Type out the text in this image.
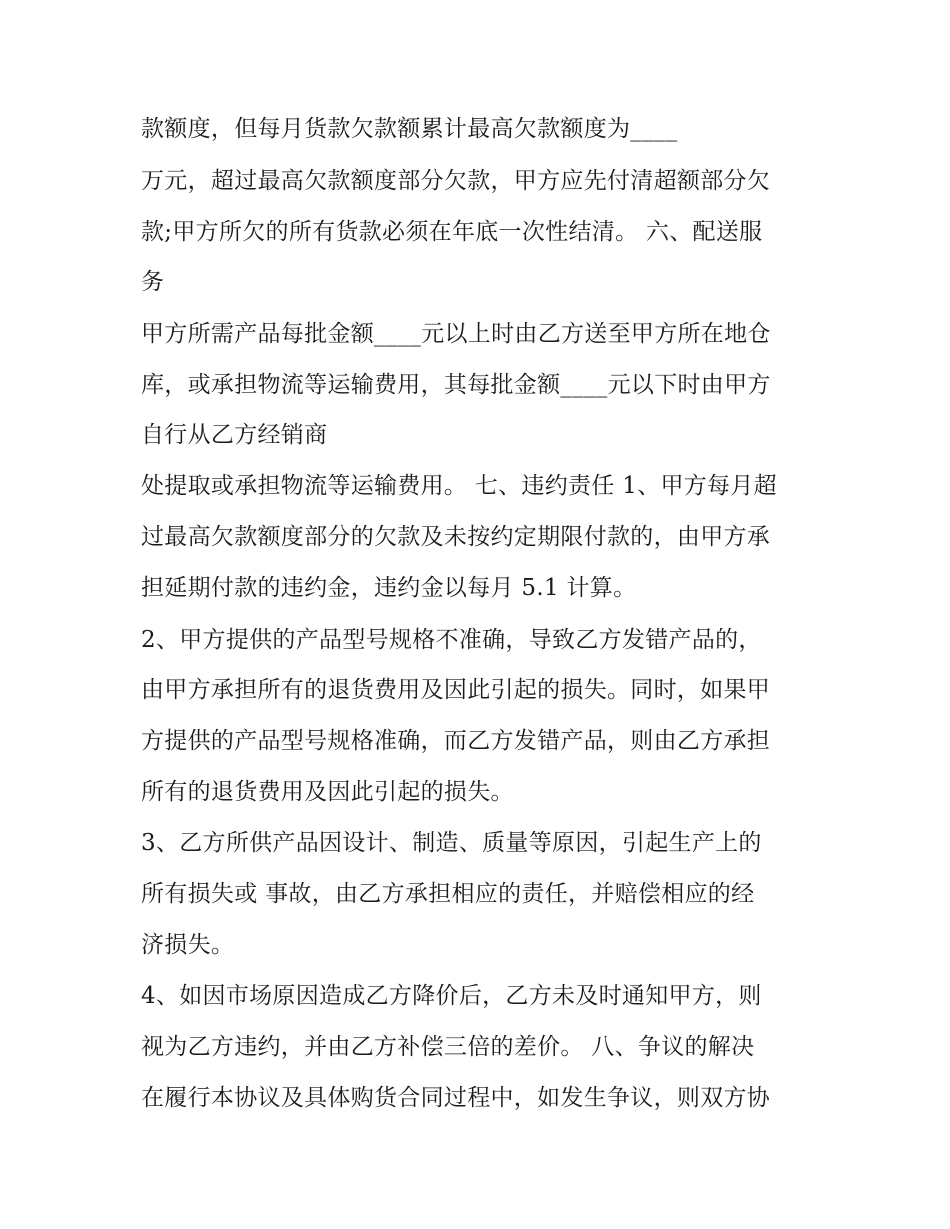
款额度，但每月货款欠款额累计最高欠款额度为____
万元，超过最高欠款额度部分欠款，甲方应先付清超额部分欠
款;甲方所欠的所有货款必须在年底一次性结清。 六、配送服
务
甲方所需产品每批金额____元以上时由乙方送至甲方所在地仓
库，或承担物流等运输费用，其每批金额____元以下时由甲方
自行从乙方经销商
处提取或承担物流等运输费用。 七、违约责任 1、甲方每月超
过最高欠款额度部分的欠款及未按约定期限付款的，由甲方承
担延期付款的违约金，违约金以每月 5.1 计算。
2、甲方提供的产品型号规格不准确，导致乙方发错产品的，
由甲方承担所有的退货费用及因此引起的损失。同时，如果甲
方提供的产品型号规格准确，而乙方发错产品，则由乙方承担
所有的退货费用及因此引起的损失。
3、乙方所供产品因设计、制造、质量等原因，引起生产上的
所有损失或 事故，由乙方承担相应的责任，并赔偿相应的经
济损失。
4、如因市场原因造成乙方降价后，乙方未及时通知甲方，则
视为乙方违约，并由乙方补偿三倍的差价。 八、争议的解决
在履行本协议及具体购货合同过程中，如发生争议，则双方协
